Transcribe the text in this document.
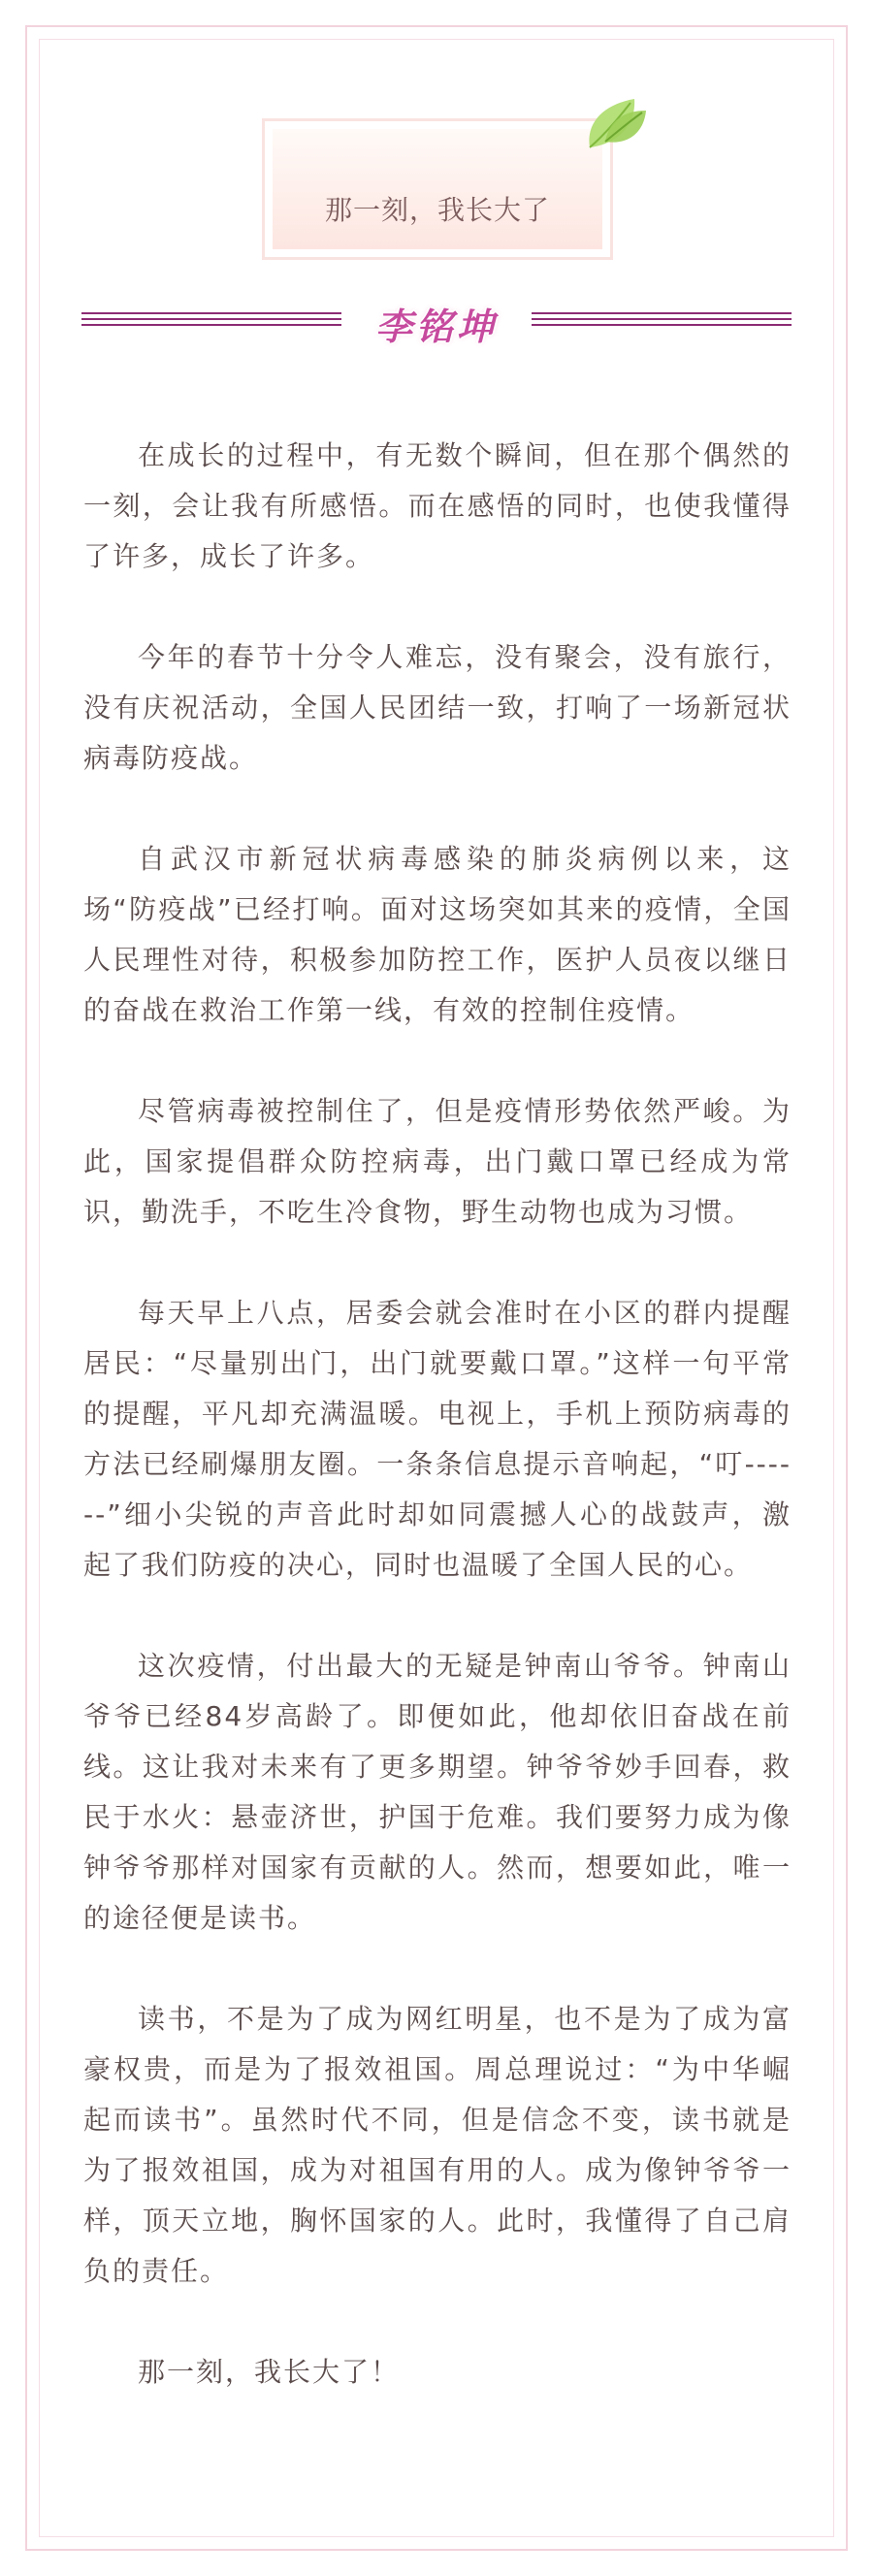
那一刻，我长大了
李铭坤

在成长的过程中，有无数个瞬间，但在那个偶然的一刻，会让我有所感悟。而在感悟的同时，也使我懂得了许多，成长了许多。

今年的春节十分令人难忘，没有聚会，没有旅行，没有庆祝活动，全国人民团结一致，打响了一场新冠状病毒防疫战。

自武汉市新冠状病毒感染的肺炎病例以来，这场“防疫战”已经打响。面对这场突如其来的疫情，全国人民理性对待，积极参加防控工作，医护人员夜以继日的奋战在救治工作第一线，有效的控制住疫情。

尽管病毒被控制住了，但是疫情形势依然严峻。为此，国家提倡群众防控病毒，出门戴口罩已经成为常识，勤洗手，不吃生冷食物，野生动物也成为习惯。

每天早上八点，居委会就会准时在小区的群内提醒居民：“尽量别出门，出门就要戴口罩。”这样一句平常的提醒，平凡却充满温暖。电视上，手机上预防病毒的方法已经刷爆朋友圈。一条条信息提示音响起，“叮------”细小尖锐的声音此时却如同震撼人心的战鼓声，激起了我们防疫的决心，同时也温暖了全国人民的心。

这次疫情，付出最大的无疑是钟南山爷爷。钟南山爷爷已经84岁高龄了。即便如此，他却依旧奋战在前线。这让我对未来有了更多期望。钟爷爷妙手回春，救民于水火：悬壶济世，护国于危难。我们要努力成为像钟爷爷那样对国家有贡献的人。然而，想要如此，唯一的途径便是读书。

读书，不是为了成为网红明星，也不是为了成为富豪权贵，而是为了报效祖国。周总理说过：“为中华崛起而读书”。虽然时代不同，但是信念不变，读书就是为了报效祖国，成为对祖国有用的人。成为像钟爷爷一样，顶天立地，胸怀国家的人。此时，我懂得了自己肩负的责任。

那一刻，我长大了！
